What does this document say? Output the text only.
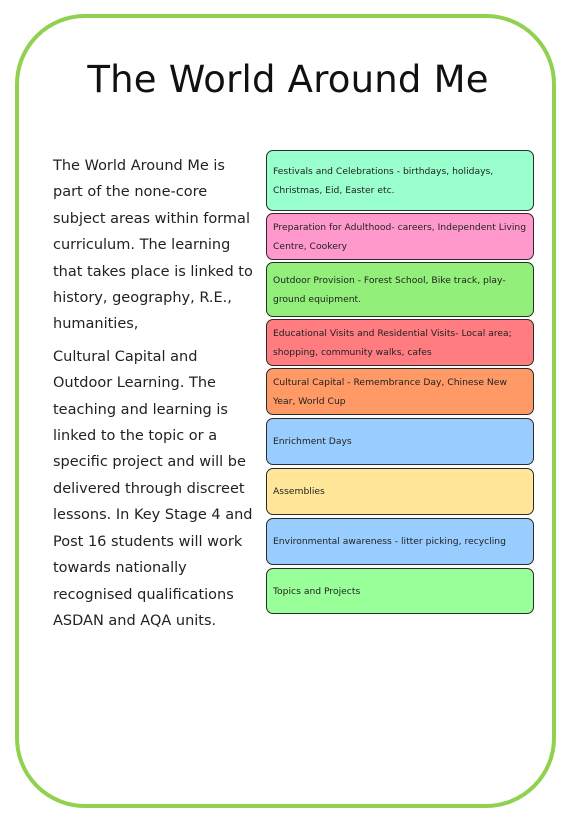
The World Around Me

The World Around Me is part of the none-core subject areas within formal curriculum. The learning that takes place is linked to history, geography, R.E., humanities,

Cultural Capital and Outdoor Learning. The teaching and learning is linked to the topic or a specific project and will be delivered through discreet lessons. In Key Stage 4 and Post 16 students will work towards nationally recognised qualifications ASDAN and AQA units.

Festivals and Celebrations - birthdays, holidays, Christmas, Eid, Easter etc.
Preparation for Adulthood- careers, Independent Living Centre, Cookery
Outdoor Provision - Forest School, Bike track, play-ground equipment.
Educational Visits and Residential Visits- Local area; shopping, community walks, cafes
Cultural Capital - Remembrance Day, Chinese New Year, World Cup
Enrichment Days
Assemblies
Environmental awareness - litter picking, recycling
Topics and Projects
